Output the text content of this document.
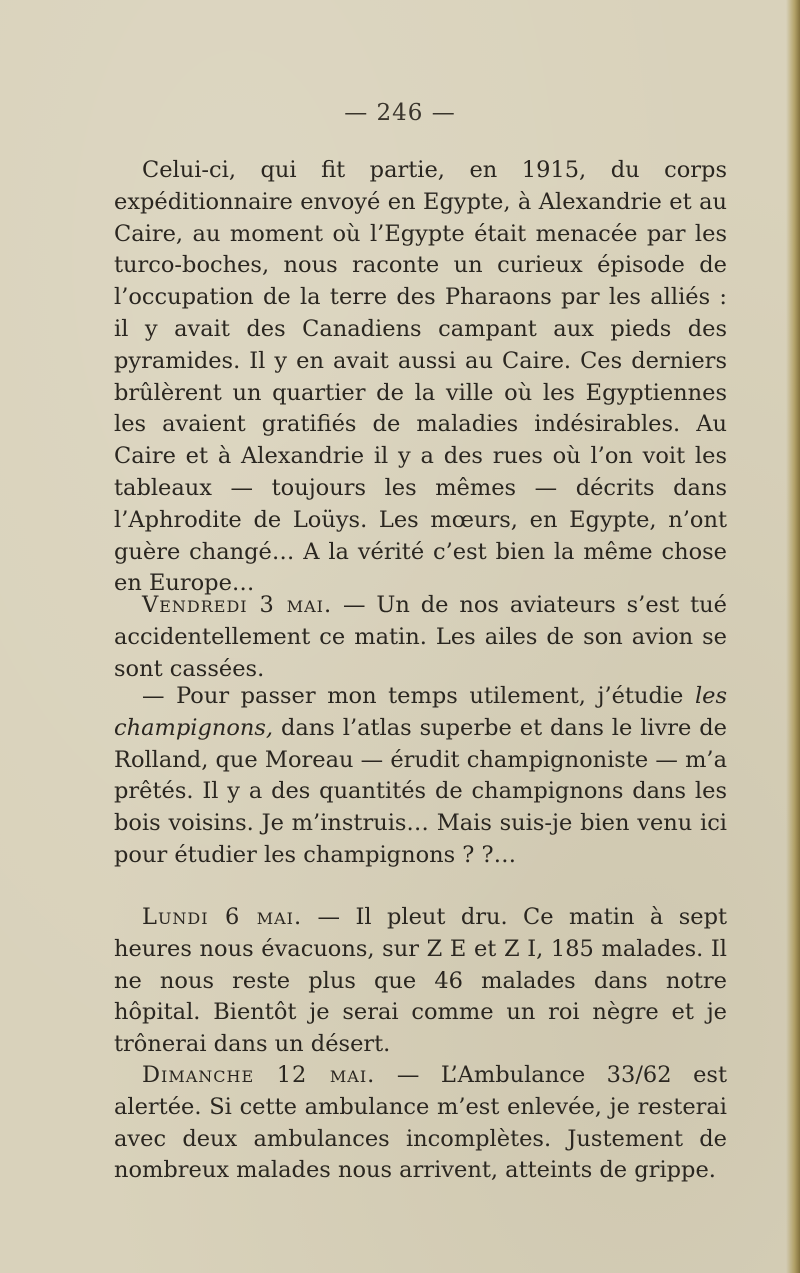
— 246 —

Celui-ci, qui fit partie, en 1915, du corps expéditionnaire envoyé en Egypte, à Alexandrie et au Caire, au moment où l’Egypte était menacée par les turco-boches, nous raconte un curieux épisode de l’occupation de la terre des Pharaons par les alliés : il y avait des Canadiens campant aux pieds des pyramides. Il y en avait aussi au Caire. Ces derniers brûlèrent un quartier de la ville où les Egyptiennes les avaient gratifiés de maladies indésirables. Au Caire et à Alexandrie il y a des rues où l’on voit les tableaux — toujours les mêmes — décrits dans l’Aphrodite de Loüys. Les mœurs, en Egypte, n’ont guère changé… A la vérité c’est bien la même chose en Europe…

Vendredi 3 mai. — Un de nos aviateurs s’est tué accidentellement ce matin. Les ailes de son avion se sont cassées.

— Pour passer mon temps utilement, j’étudie les champignons, dans l’atlas superbe et dans le livre de Rolland, que Moreau — érudit champignoniste — m’a prêtés. Il y a des quantités de champignons dans les bois voisins. Je m’instruis… Mais suis-je bien venu ici pour étudier les champignons ? ?…

Lundi 6 mai. — Il pleut dru. Ce matin à sept heures nous évacuons, sur Z E et Z I, 185 malades. Il ne nous reste plus que 46 malades dans notre hôpital. Bientôt je serai comme un roi nègre et je trônerai dans un désert.

Dimanche 12 mai. — L’Ambulance 33/62 est alertée. Si cette ambulance m’est enlevée, je resterai avec deux ambulances incomplètes. Justement de nombreux malades nous arrivent, atteints de grippe.
